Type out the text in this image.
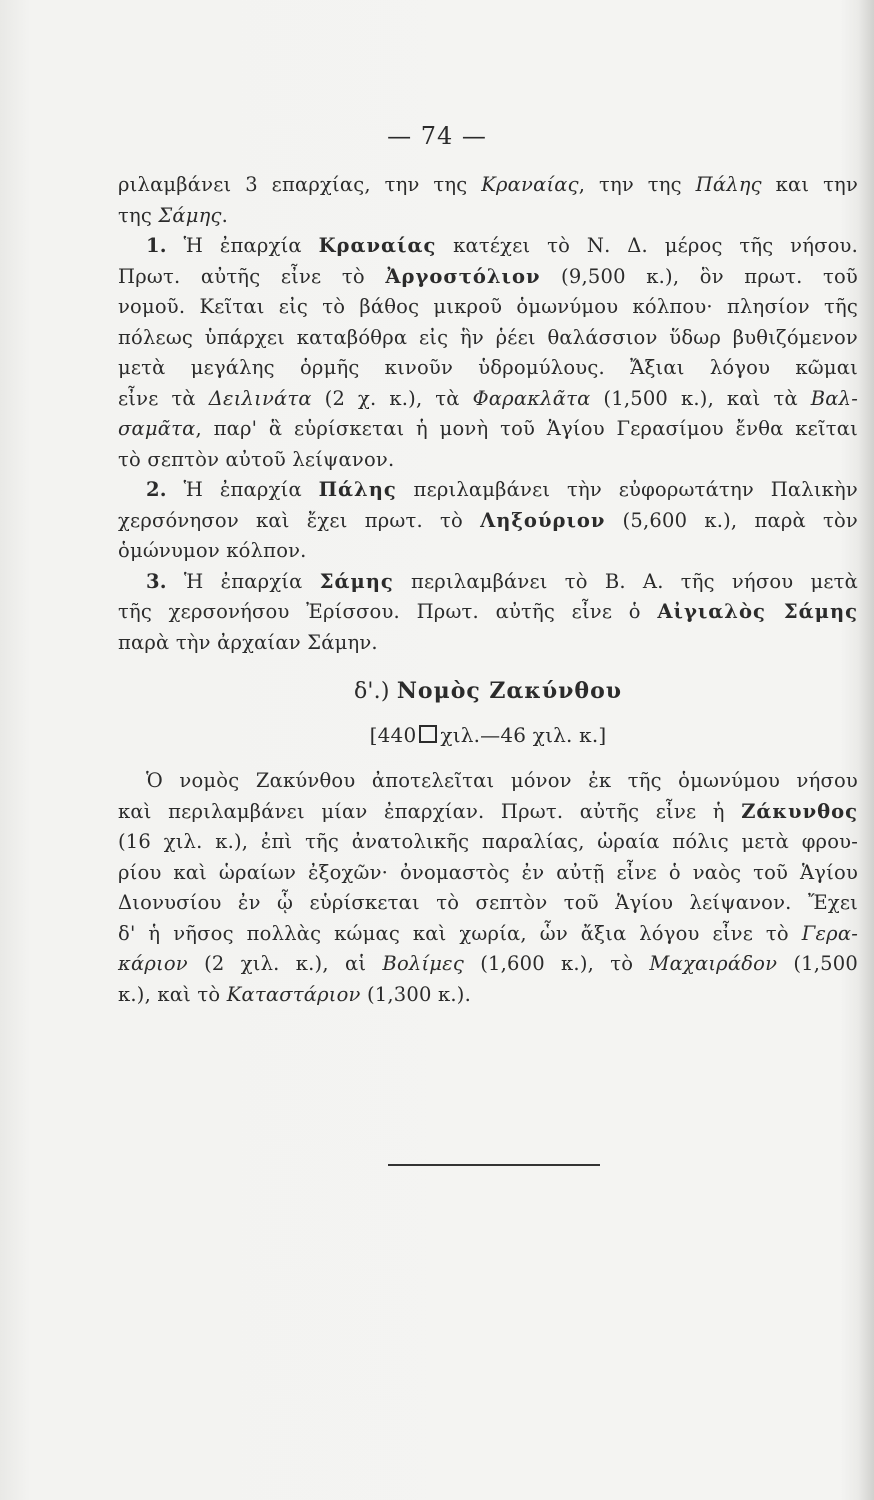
— 74 —
ριλαμβάνει 3 επαρχίας, την της Κραναίας, την της Πάλης και την
της Σάμης.
1. Ἡ ἐπαρχία Κραναίας κατέχει τὸ Ν. Δ. μέρος τῆς νήσου.
Πρωτ. αὐτῆς εἶνε τὸ Ἀργοστόλιον (9,500 κ.), ὃν πρωτ. τοῦ
νομοῦ. Κεῖται εἰς τὸ βάθος μικροῦ ὁμωνύμου κόλπου· πλησίον τῆς
πόλεως ὑπάρχει καταβόθρα εἰς ἣν ῥέει θαλάσσιον ὕδωρ βυθιζόμενον
μετὰ μεγάλης ὁρμῆς κινοῦν ὑδρομύλους. Ἄξιαι λόγου κῶμαι
εἶνε τὰ Δειλινάτα (2 χ. κ.), τὰ Φαρακλᾶτα (1,500 κ.), καὶ τὰ Βαλ-
σαμᾶτα, παρ' ἃ εὑρίσκεται ἡ μονὴ τοῦ Ἁγίου Γερασίμου ἔνθα κεῖται
τὸ σεπτὸν αὐτοῦ λείψανον.
2. Ἡ ἐπαρχία Πάλης περιλαμβάνει τὴν εὐφορωτάτην Παλικὴν
χερσόνησον καὶ ἔχει πρωτ. τὸ Ληξούριον (5,600 κ.), παρὰ τὸν
ὁμώνυμον κόλπον.
3. Ἡ ἐπαρχία Σάμης περιλαμβάνει τὸ Β. Α. τῆς νήσου μετὰ
τῆς χερσονήσου Ἐρίσσου. Πρωτ. αὐτῆς εἶνε ὁ Αἰγιαλὸς Σάμης
παρὰ τὴν ἀρχαίαν Σάμην.
δ'.) Νομὸς Ζακύνθου
[440 χιλ.—46 χιλ. κ.]
Ὁ νομὸς Ζακύνθου ἀποτελεῖται μόνον ἐκ τῆς ὁμωνύμου νήσου
καὶ περιλαμβάνει μίαν ἐπαρχίαν. Πρωτ. αὐτῆς εἶνε ἡ Ζάκυνθος
(16 χιλ. κ.), ἐπὶ τῆς ἀνατολικῆς παραλίας, ὡραία πόλις μετὰ φρου-
ρίου καὶ ὡραίων ἐξοχῶν· ὀνομαστὸς ἐν αὐτῇ εἶνε ὁ ναὸς τοῦ Ἁγίου
Διονυσίου ἐν ᾧ εὑρίσκεται τὸ σεπτὸν τοῦ Ἁγίου λείψανον. Ἔχει
δ' ἡ νῆσος πολλὰς κώμας καὶ χωρία, ὧν ἄξια λόγου εἶνε τὸ Γερα-
κάριον (2 χιλ. κ.), αἱ Βολίμες (1,600 κ.), τὸ Μαχαιράδον (1,500
κ.), καὶ τὸ Καταστάριον (1,300 κ.).
